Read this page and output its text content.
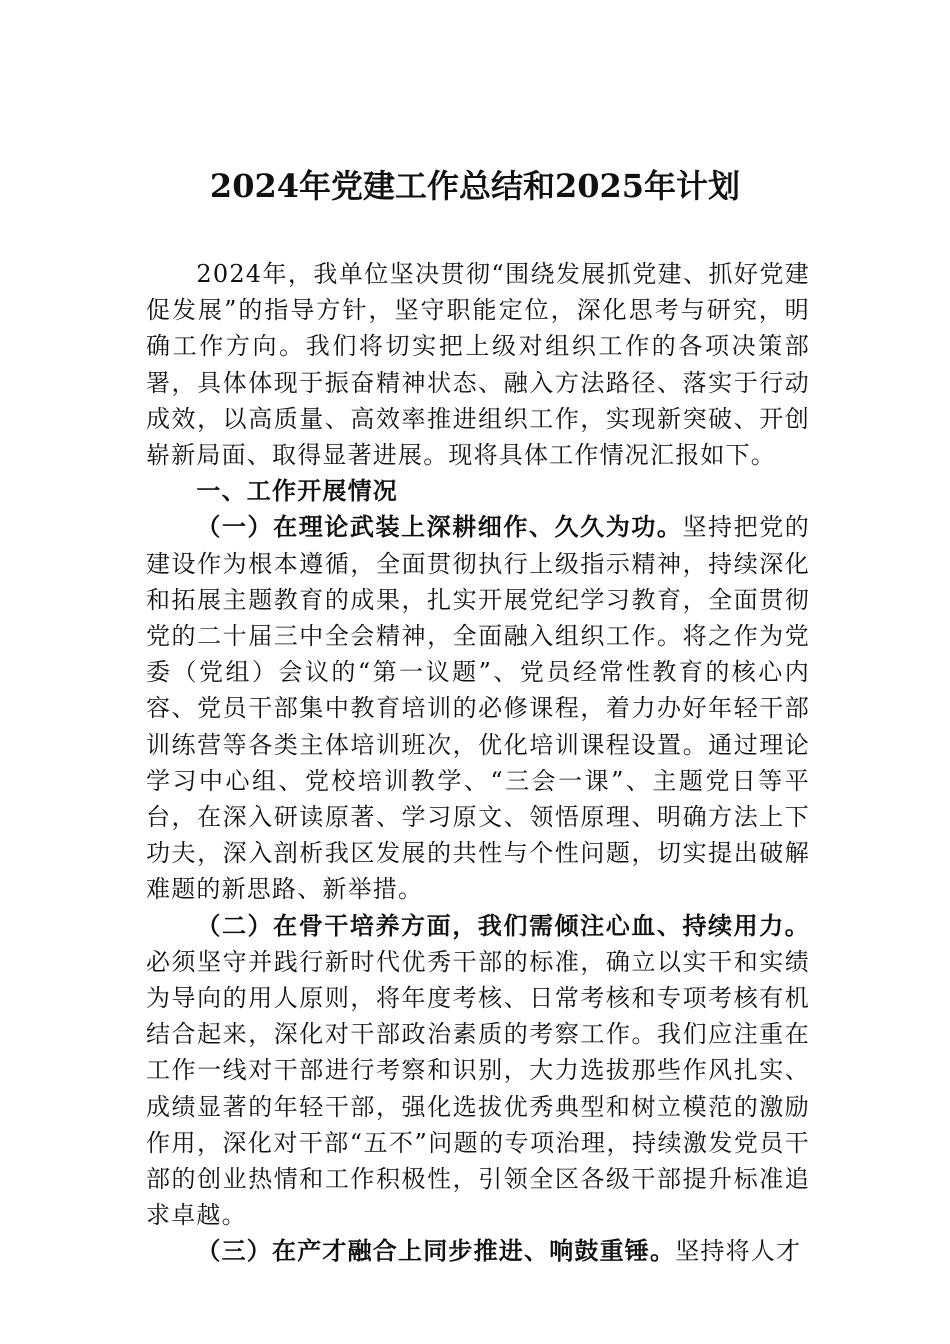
2024年党建工作总结和2025年计划

2024年，我单位坚决贯彻“围绕发展抓党建、抓好党建促发展”的指导方针，坚守职能定位，深化思考与研究，明确工作方向。我们将切实把上级对组织工作的各项决策部署，具体体现于振奋精神状态、融入方法路径、落实于行动成效，以高质量、高效率推进组织工作，实现新突破、开创崭新局面、取得显著进展。现将具体工作情况汇报如下。

一、工作开展情况

（一）在理论武装上深耕细作、久久为功。坚持把党的建设作为根本遵循，全面贯彻执行上级指示精神，持续深化和拓展主题教育的成果，扎实开展党纪学习教育，全面贯彻党的二十届三中全会精神，全面融入组织工作。将之作为党委（党组）会议的“第一议题”、党员经常性教育的核心内容、党员干部集中教育培训的必修课程，着力办好年轻干部训练营等各类主体培训班次，优化培训课程设置。通过理论学习中心组、党校培训教学、“三会一课”、主题党日等平台，在深入研读原著、学习原文、领悟原理、明确方法上下功夫，深入剖析我区发展的共性与个性问题，切实提出破解难题的新思路、新举措。

（二）在骨干培养方面，我们需倾注心血、持续用力。必须坚守并践行新时代优秀干部的标准，确立以实干和实绩为导向的用人原则，将年度考核、日常考核和专项考核有机结合起来，深化对干部政治素质的考察工作。我们应注重在工作一线对干部进行考察和识别，大力选拔那些作风扎实、成绩显著的年轻干部，强化选拔优秀典型和树立模范的激励作用，深化对干部“五不”问题的专项治理，持续激发党员干部的创业热情和工作积极性，引领全区各级干部提升标准追求卓越。

（三）在产才融合上同步推进、响鼓重锤。坚持将人才
